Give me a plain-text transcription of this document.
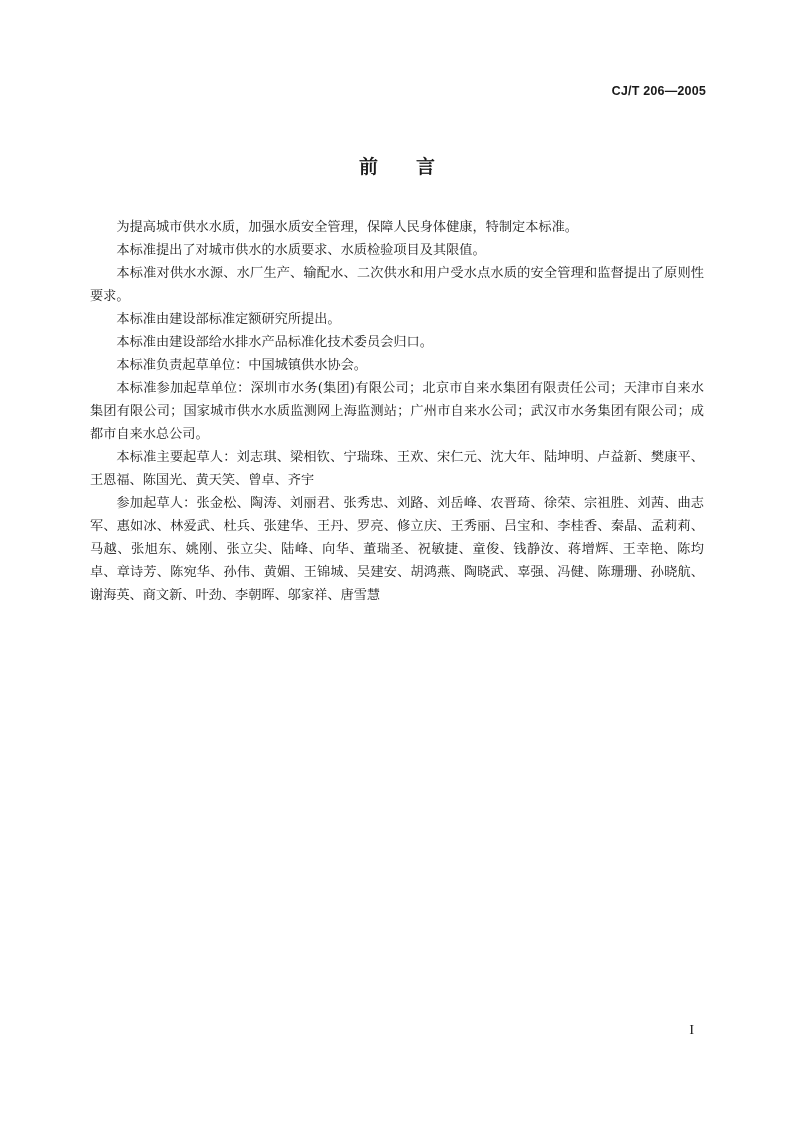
CJ/T 206—2005
前言

为提高城市供水水质，加强水质安全管理，保障人民身体健康，特制定本标准。

本标准提出了对城市供水的水质要求、水质检验项目及其限值。

本标准对供水水源、水厂生产、输配水、二次供水和用户受水点水质的安全管理和监督提出了原则性要求。

本标准由建设部标准定额研究所提出。

本标准由建设部给水排水产品标准化技术委员会归口。

本标准负责起草单位：中国城镇供水协会。

本标准参加起草单位：深圳市水务(集团)有限公司；北京市自来水集团有限责任公司；天津市自来水集团有限公司；国家城市供水水质监测网上海监测站；广州市自来水公司；武汉市水务集团有限公司；成都市自来水总公司。

本标准主要起草人：刘志琪、梁相钦、宁瑞珠、王欢、宋仁元、沈大年、陆坤明、卢益新、樊康平、王恩福、陈国光、黄天笑、曾卓、齐宇

参加起草人：张金松、陶涛、刘丽君、张秀忠、刘路、刘岳峰、农晋琦、徐荣、宗祖胜、刘茜、曲志军、惠如冰、林爱武、杜兵、张建华、王丹、罗亮、修立庆、王秀丽、吕宝和、李桂香、秦晶、孟莉莉、马越、张旭东、姚刚、张立尖、陆峰、向华、董瑞圣、祝敏捷、童俊、钱静汝、蒋增辉、王幸艳、陈均卓、章诗芳、陈宛华、孙伟、黄媚、王锦城、吴建安、胡鸿燕、陶晓武、辜强、冯健、陈珊珊、孙晓航、谢海英、商文新、叶劲、李朝晖、邬家祥、唐雪慧

I
